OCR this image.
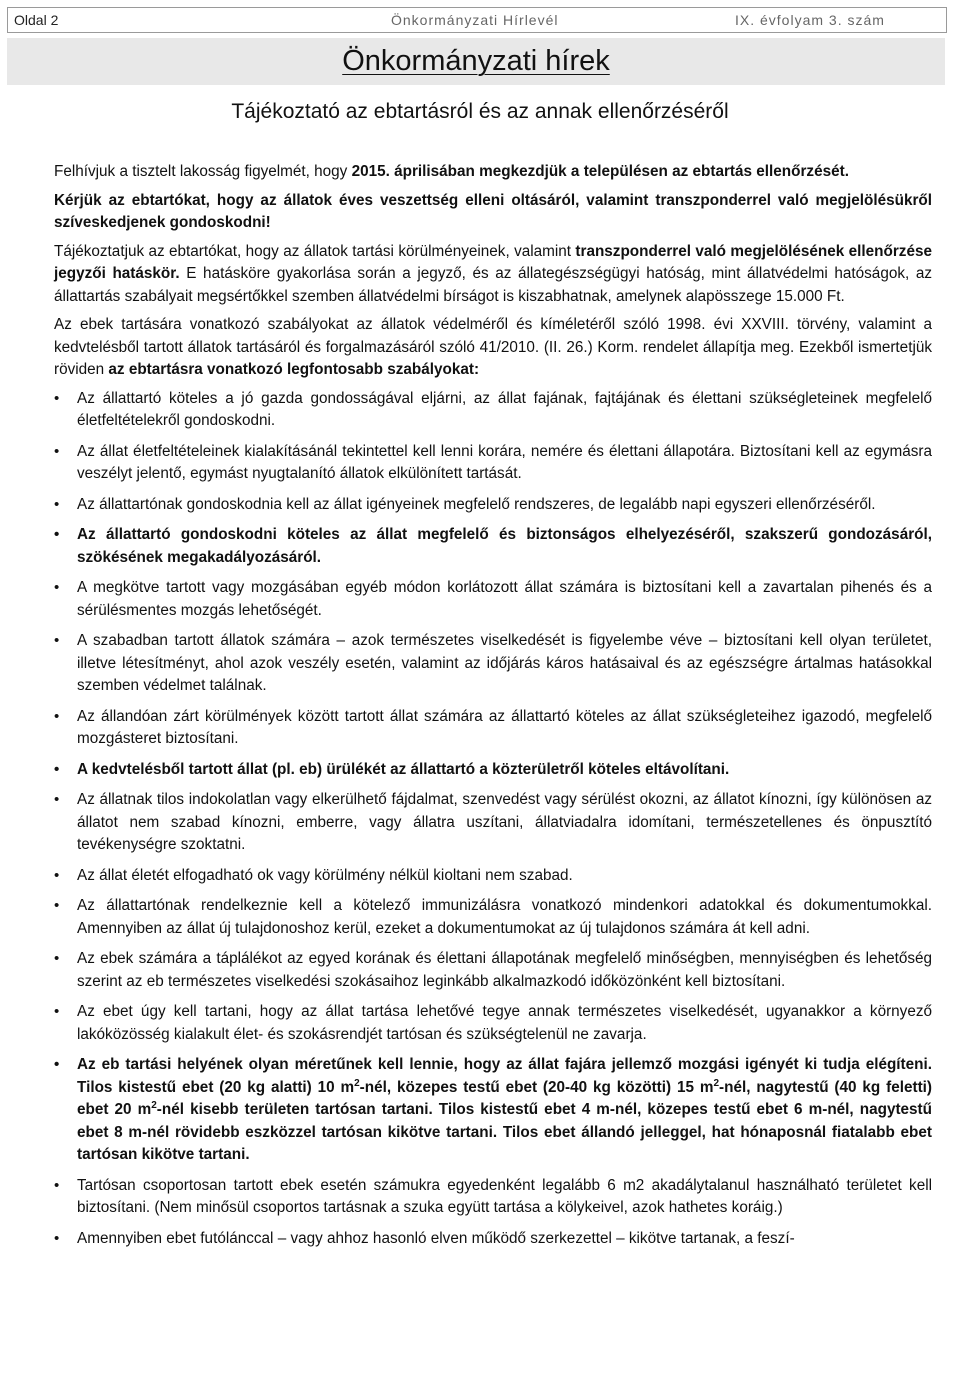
Oldal 2	Önkormányzati Hírlevél	IX. évfolyam 3. szám
Önkormányzati hírek
Tájékoztató az ebtartásról és az annak ellenőrzéséről

Felhívjuk a tisztelt lakosság figyelmét, hogy 2015. áprilisában megkezdjük a településen az ebtartás ellenőrzését.

Kérjük az ebtartókat, hogy az állatok éves veszettség elleni oltásáról, valamint transzponderrel való megjelölésükről szíveskedjenek gondoskodni!

Tájékoztatjuk az ebtartókat, hogy az állatok tartási körülményeinek, valamint transzponderrel való megjelölésének ellenőrzése jegyzői hatáskör. E hatásköre gyakorlása során a jegyző, és az állategészségügyi hatóság, mint állatvédelmi hatóságok, az állattartás szabályait megsértőkkel szemben állatvédelmi bírságot is kiszabhatnak, amelynek alapösszege 15.000 Ft.

Az ebek tartására vonatkozó szabályokat az állatok védelméről és kíméletéről szóló 1998. évi XXVIII. törvény, valamint a kedvtelésből tartott állatok tartásáról és forgalmazásáról szóló 41/2010. (II. 26.) Korm. rendelet állapítja meg. Ezekből ismertetjük röviden az ebtartásra vonatkozó legfontosabb szabályokat:

• Az állattartó köteles a jó gazda gondosságával eljárni, az állat fajának, fajtájának és élettani szükségleteinek megfelelő életfeltételekről gondoskodni.
• Az állat életfeltételeinek kialakításánál tekintettel kell lenni korára, nemére és élettani állapotára. Biztosítani kell az egymásra veszélyt jelentő, egymást nyugtalanító állatok elkülönített tartását.
• Az állattartónak gondoskodnia kell az állat igényeinek megfelelő rendszeres, de legalább napi egyszeri ellenőrzéséről.
• Az állattartó gondoskodni köteles az állat megfelelő és biztonságos elhelyezéséről, szakszerű gondozásáról, szökésének megakadályozásáról.
• A megkötve tartott vagy mozgásában egyéb módon korlátozott állat számára is biztosítani kell a zavartalan pihenés és a sérülésmentes mozgás lehetőségét.
• A szabadban tartott állatok számára – azok természetes viselkedését is figyelembe véve – biztosítani kell olyan területet, illetve létesítményt, ahol azok veszély esetén, valamint az időjárás káros hatásaival és az egészségre ártalmas hatásokkal szemben védelmet találnak.
• Az állandóan zárt körülmények között tartott állat számára az állattartó köteles az állat szükségleteihez igazodó, megfelelő mozgásteret biztosítani.
• A kedvtelésből tartott állat (pl. eb) ürülékét az állattartó a közterületről köteles eltávolítani.
• Az állatnak tilos indokolatlan vagy elkerülhető fájdalmat, szenvedést vagy sérülést okozni, az állatot kínozni, így különösen az állatot nem szabad kínozni, emberre, vagy állatra uszítani, állatviadalra idomítani, természetellenes és önpusztító tevékenységre szoktatni.
• Az állat életét elfogadható ok vagy körülmény nélkül kioltani nem szabad.
• Az állattartónak rendelkeznie kell a kötelező immunizálásra vonatkozó mindenkori adatokkal és dokumentumokkal. Amennyiben az állat új tulajdonoshoz kerül, ezeket a dokumentumokat az új tulajdonos számára át kell adni.
• Az ebek számára a táplálékot az egyed korának és élettani állapotának megfelelő minőségben, mennyiségben és lehetőség szerint az eb természetes viselkedési szokásaihoz leginkább alkalmazkodó időközönként kell biztosítani.
• Az ebet úgy kell tartani, hogy az állat tartása lehetővé tegye annak természetes viselkedését, ugyanakkor a környező lakóközösség kialakult élet- és szokásrendjét tartósan és szükségtelenül ne zavarja.
• Az eb tartási helyének olyan méretűnek kell lennie, hogy az állat fajára jellemző mozgási igényét ki tudja elégíteni. Tilos kistestű ebet (20 kg alatti) 10 $m^2$-nél, közepes testű ebet (20-40 kg közötti) 15 $m^2$-nél, nagytestű (40 kg feletti) ebet 20 $m^2$-nél kisebb területen tartósan tartani. Tilos kistestű ebet 4 m-nél, közepes testű ebet 6 m-nél, nagytestű ebet 8 m-nél rövidebb eszközzel tartósan kikötve tartani. Tilos ebet állandó jelleggel, hat hónaposnál fiatalabb ebet tartósan kikötve tartani.
• Tartósan csoportosan tartott ebek esetén számukra egyedenként legalább 6 m2 akadálytalanul használható területet kell biztosítani. (Nem minősül csoportos tartásnak a szuka együtt tartása a kölykeivel, azok hathetes koráig.)
• Amennyiben ebet futólánccal – vagy ahhoz hasonló elven működő szerkezettel – kikötve tartanak, a feszí-
